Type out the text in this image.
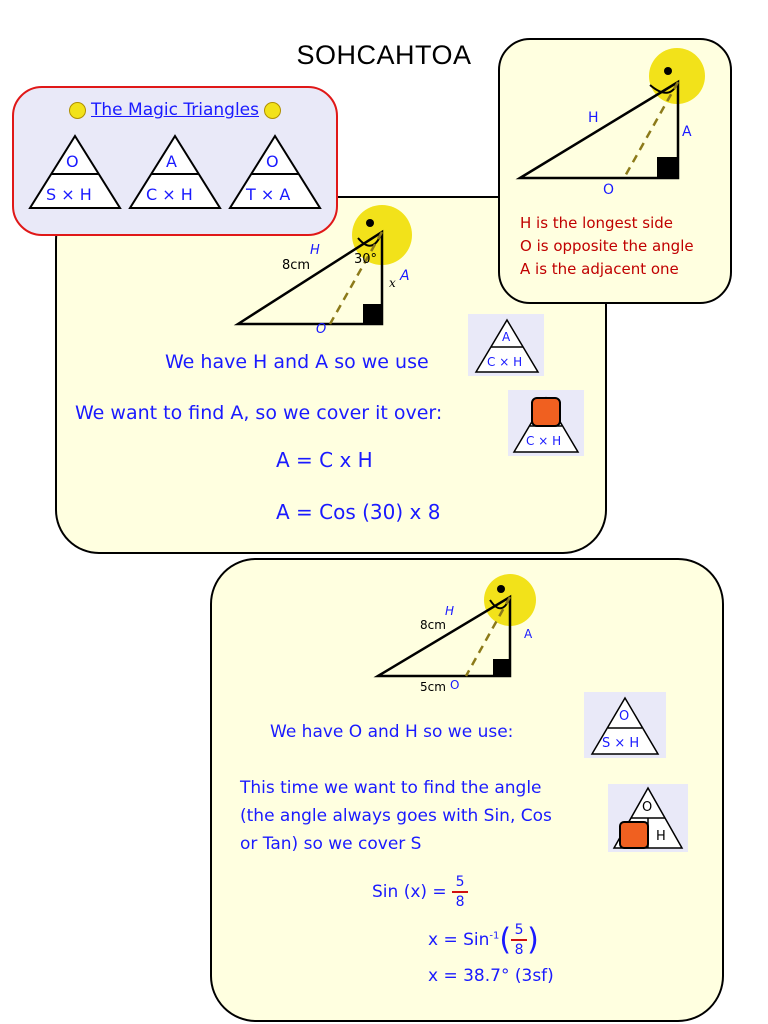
SOHCAHTOA
The Magic Triangles
O
S × H
A
C × H
O
T × A
H
A
O
H is the longest side
O is opposite the angle
A is the adjacent one
8cm
H
30°
A
x
O
We have H and A so we use
A
C × H
We want to find A, so we cover it over:
C × H
A = C x H
A = Cos (30) x 8
H
8cm
A
5cm O
We have O and H so we use:
O
S × H
This time we want to find the angle
(the angle always goes with Sin, Cos
or Tan) so we cover S
O
H
Sin $(x) = \frac{5}{8}$
$x = Sin^{-1}(\frac{5}{8})$
x = 38.7° (3sf)
